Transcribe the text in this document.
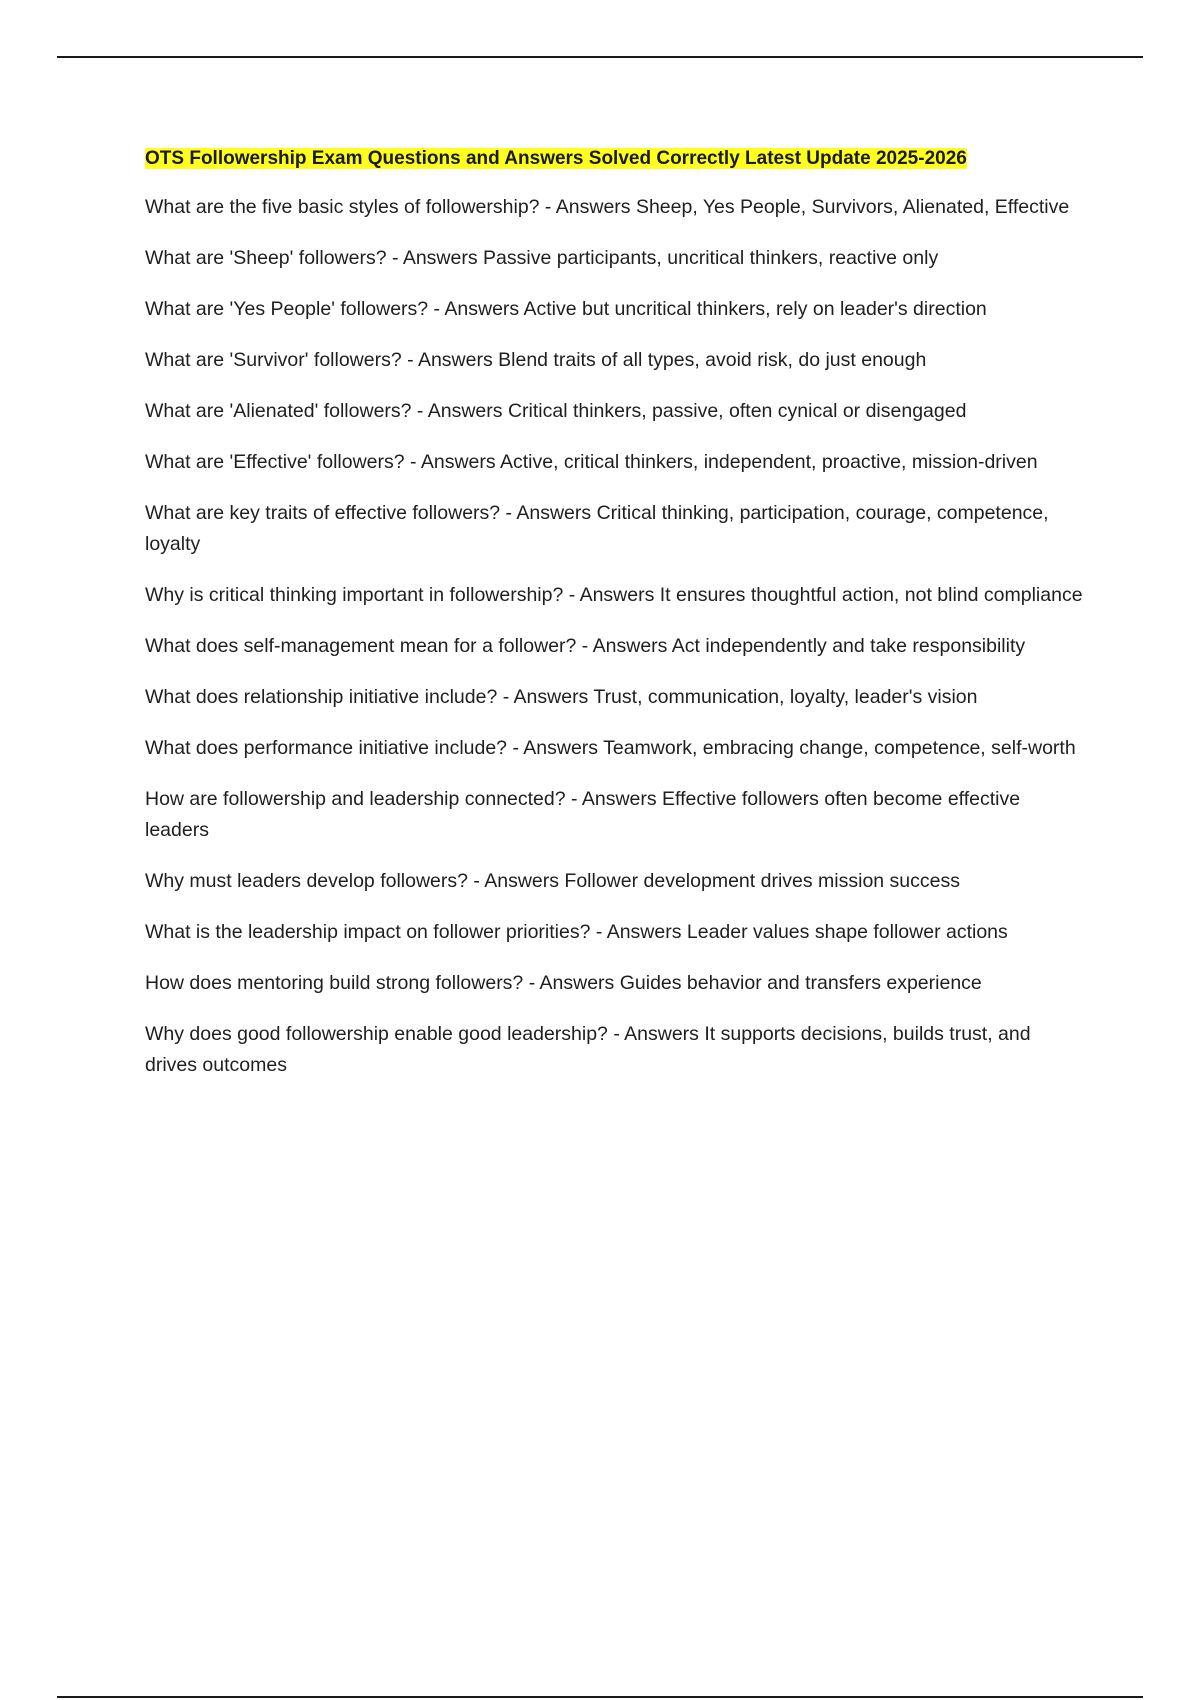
OTS Followership Exam Questions and Answers Solved Correctly Latest Update 2025-2026

What are the five basic styles of followership? - Answers Sheep, Yes People, Survivors, Alienated, Effective

What are 'Sheep' followers? - Answers Passive participants, uncritical thinkers, reactive only

What are 'Yes People' followers? - Answers Active but uncritical thinkers, rely on leader's direction

What are 'Survivor' followers? - Answers Blend traits of all types, avoid risk, do just enough

What are 'Alienated' followers? - Answers Critical thinkers, passive, often cynical or disengaged

What are 'Effective' followers? - Answers Active, critical thinkers, independent, proactive, mission-driven

What are key traits of effective followers? - Answers Critical thinking, participation, courage, competence, loyalty

Why is critical thinking important in followership? - Answers It ensures thoughtful action, not blind compliance

What does self-management mean for a follower? - Answers Act independently and take responsibility

What does relationship initiative include? - Answers Trust, communication, loyalty, leader's vision

What does performance initiative include? - Answers Teamwork, embracing change, competence, self-worth

How are followership and leadership connected? - Answers Effective followers often become effective leaders

Why must leaders develop followers? - Answers Follower development drives mission success

What is the leadership impact on follower priorities? - Answers Leader values shape follower actions

How does mentoring build strong followers? - Answers Guides behavior and transfers experience

Why does good followership enable good leadership? - Answers It supports decisions, builds trust, and drives outcomes
